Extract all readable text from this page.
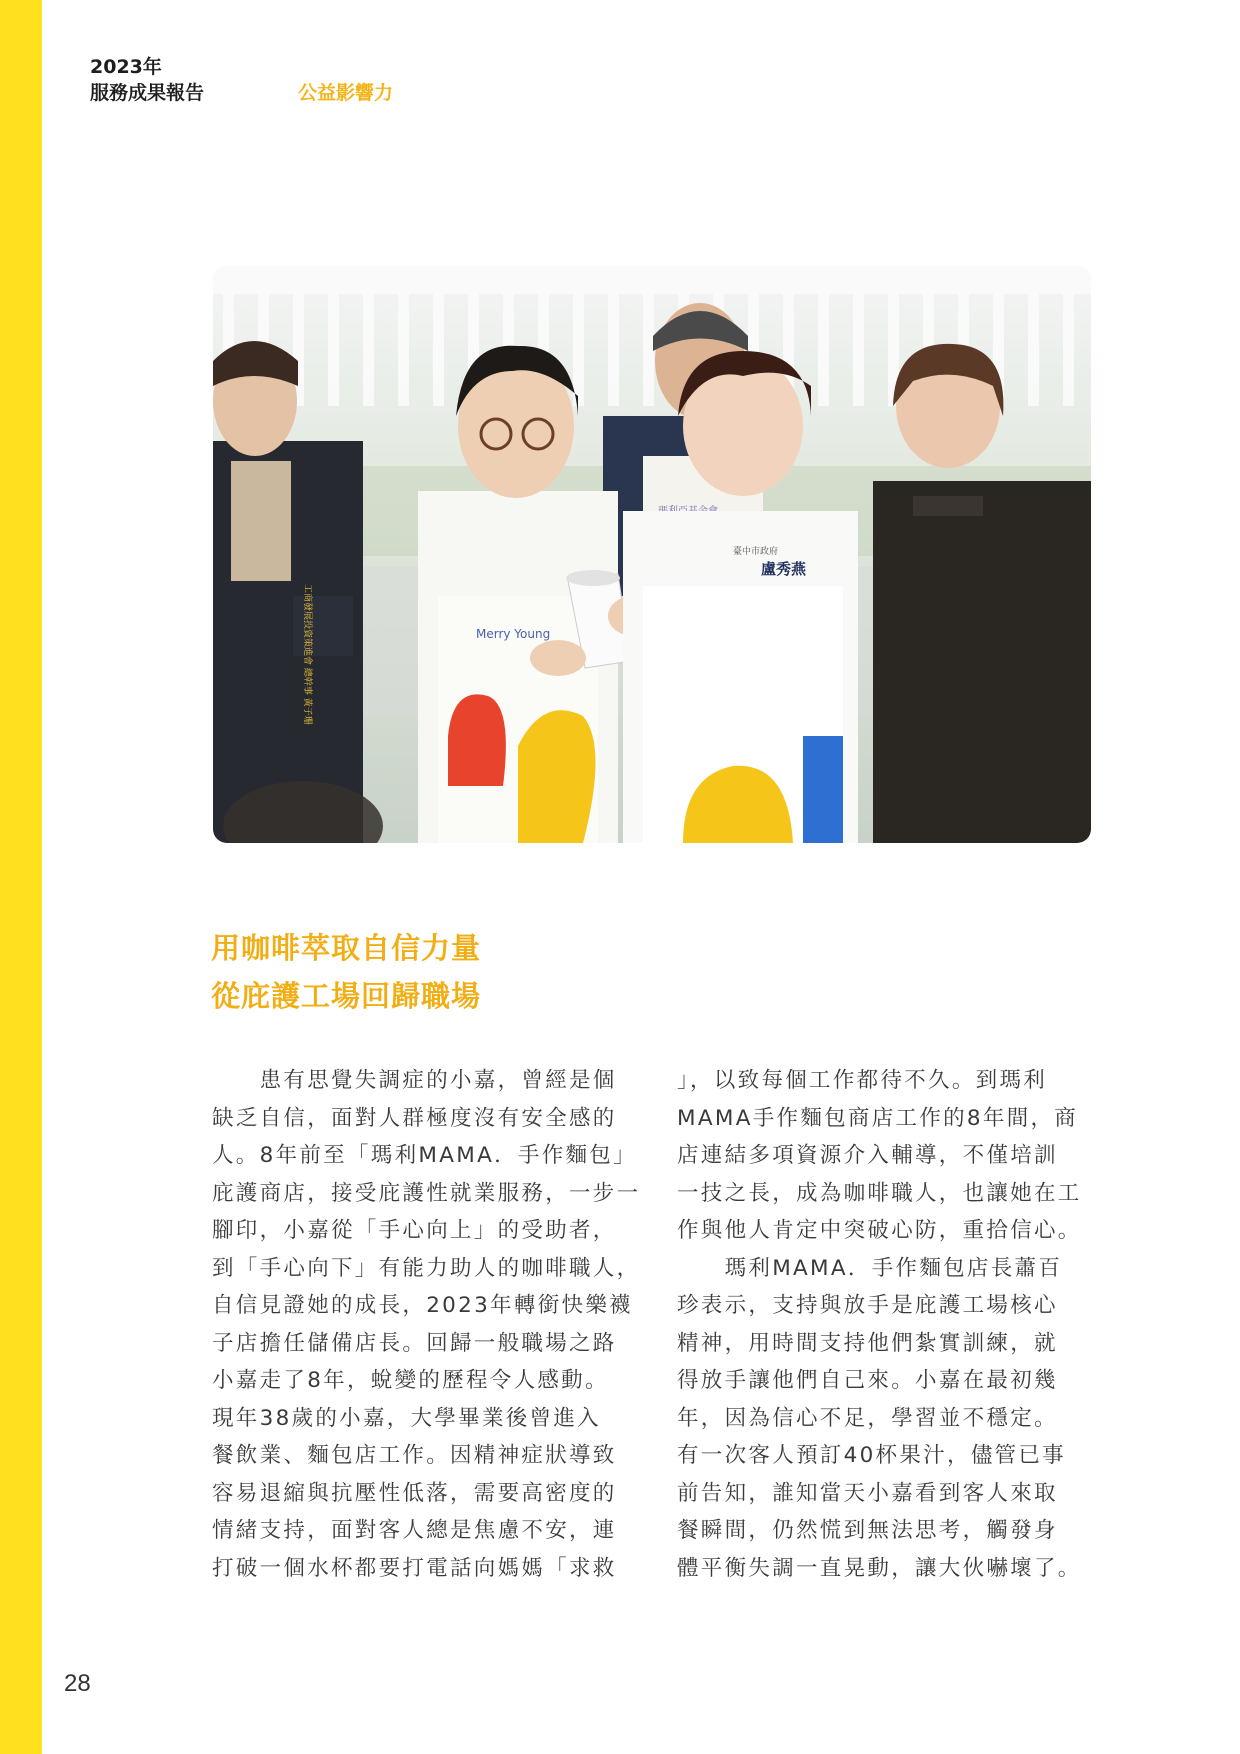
2023年
服務成果報告	公益影響力
工商發展投資策進會 總幹事 黃子珊
盧秀燕
臺中市政府
Merry Young
用咖啡萃取自信力量
從庇護工場回歸職場
　　患有思覺失調症的小嘉，曾經是個
缺乏自信，面對人群極度沒有安全感的
人。8年前至「瑪利MAMA．手作麵包」
庇護商店，接受庇護性就業服務，一步一
腳印，小嘉從「手心向上」的受助者，
到「手心向下」有能力助人的咖啡職人，
自信見證她的成長，2023年轉銜快樂襪
子店擔任儲備店長。回歸一般職場之路
小嘉走了8年，蛻變的歷程令人感動。
現年38歲的小嘉，大學畢業後曾進入
餐飲業、麵包店工作。因精神症狀導致
容易退縮與抗壓性低落，需要高密度的
情緒支持，面對客人總是焦慮不安，連
打破一個水杯都要打電話向媽媽「求救
」，以致每個工作都待不久。到瑪利
MAMA手作麵包商店工作的8年間，商
店連結多項資源介入輔導，不僅培訓
一技之長，成為咖啡職人，也讓她在工
作與他人肯定中突破心防，重拾信心。
　　瑪利MAMA．手作麵包店長蕭百
珍表示，支持與放手是庇護工場核心
精神，用時間支持他們紮實訓練，就
得放手讓他們自己來。小嘉在最初幾
年，因為信心不足，學習並不穩定。
有一次客人預訂40杯果汁，儘管已事
前告知，誰知當天小嘉看到客人來取
餐瞬間，仍然慌到無法思考，觸發身
體平衡失調一直晃動，讓大伙嚇壞了。
28
